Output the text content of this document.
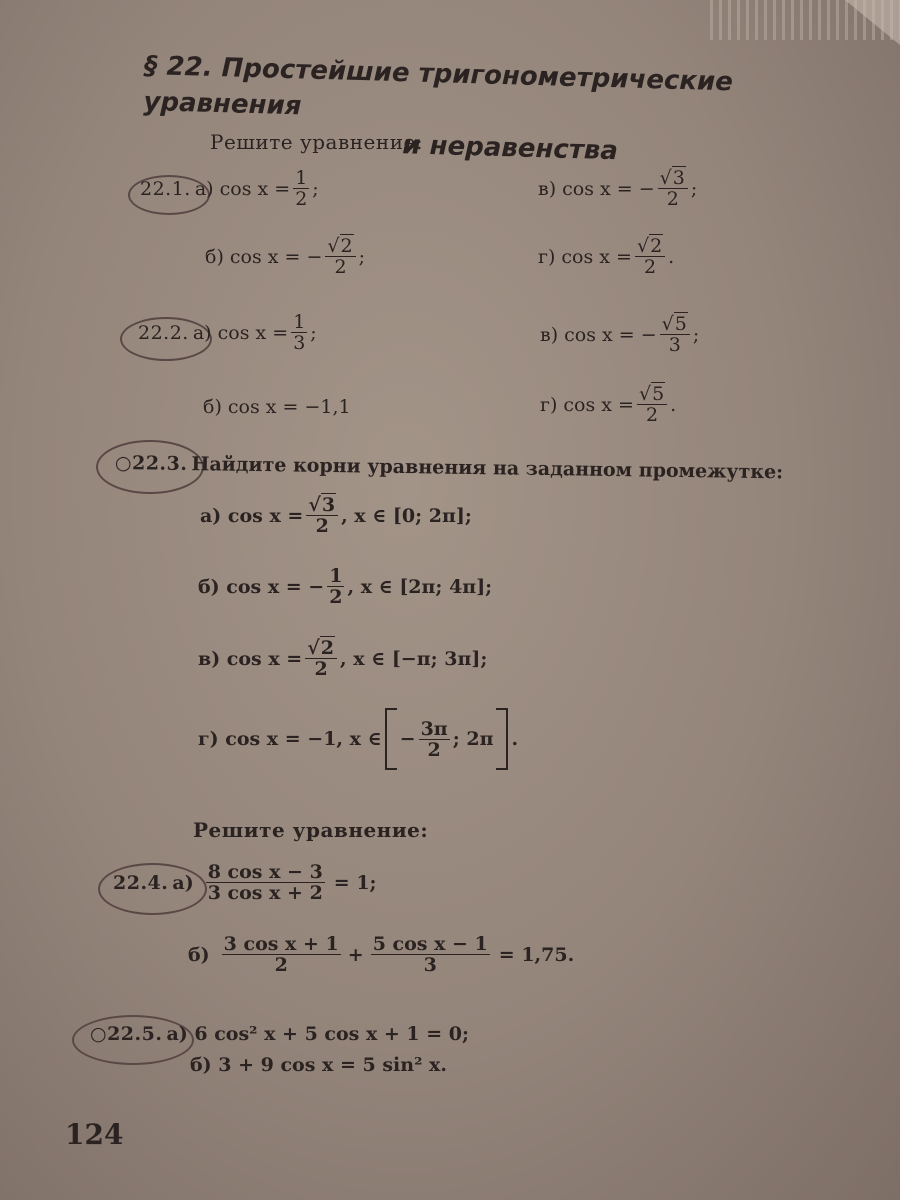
§ 22. Простейшие тригонометрические уравнения
и неравенства
Решите уравнение:
22.1. а) $\cos x = \frac{1}{2}$ ;	в) cos x = − $\frac{√3}{2}$ ;
б) cos x = − $\frac{√2}{2}$ ;	г) $\cos x = \frac{√2}{2}$ .
22.2. а) $\cos x = \frac{1}{3}$ ;	в) cos x = − $\frac{√5}{3}$ ;
б) cos x = −1,1	г) $\cos x = \frac{√5}{2}$ .
○22.3. Найдите корни уравнения на заданном промежутке:
а) $\cos x = \frac{√3}{2}$ , x ∈ [0; 2π];
б) cos x = − $\frac{1}{2}$ , x ∈ [2π; 4π];
в) $\cos x = \frac{√2}{2}$ , x ∈ [−π; 3π];
г) cos x = −1, x ∈ − $\frac{3\pi}{2}$ ; 2π .
Решите уравнение:
22.4. $а) \frac{\text{8 cos x − 3}}{\text{3 cos x + 2}} = 1$;
$б) \frac{\text{3 cos x + 1}}{2} + \frac{\text{5 cos x − 1}}{3} = 1,75$.
○22.5. а) 6 cos² x + 5 cos x + 1 = 0;
б) 3 + 9 cos x = 5 sin² x.
124
